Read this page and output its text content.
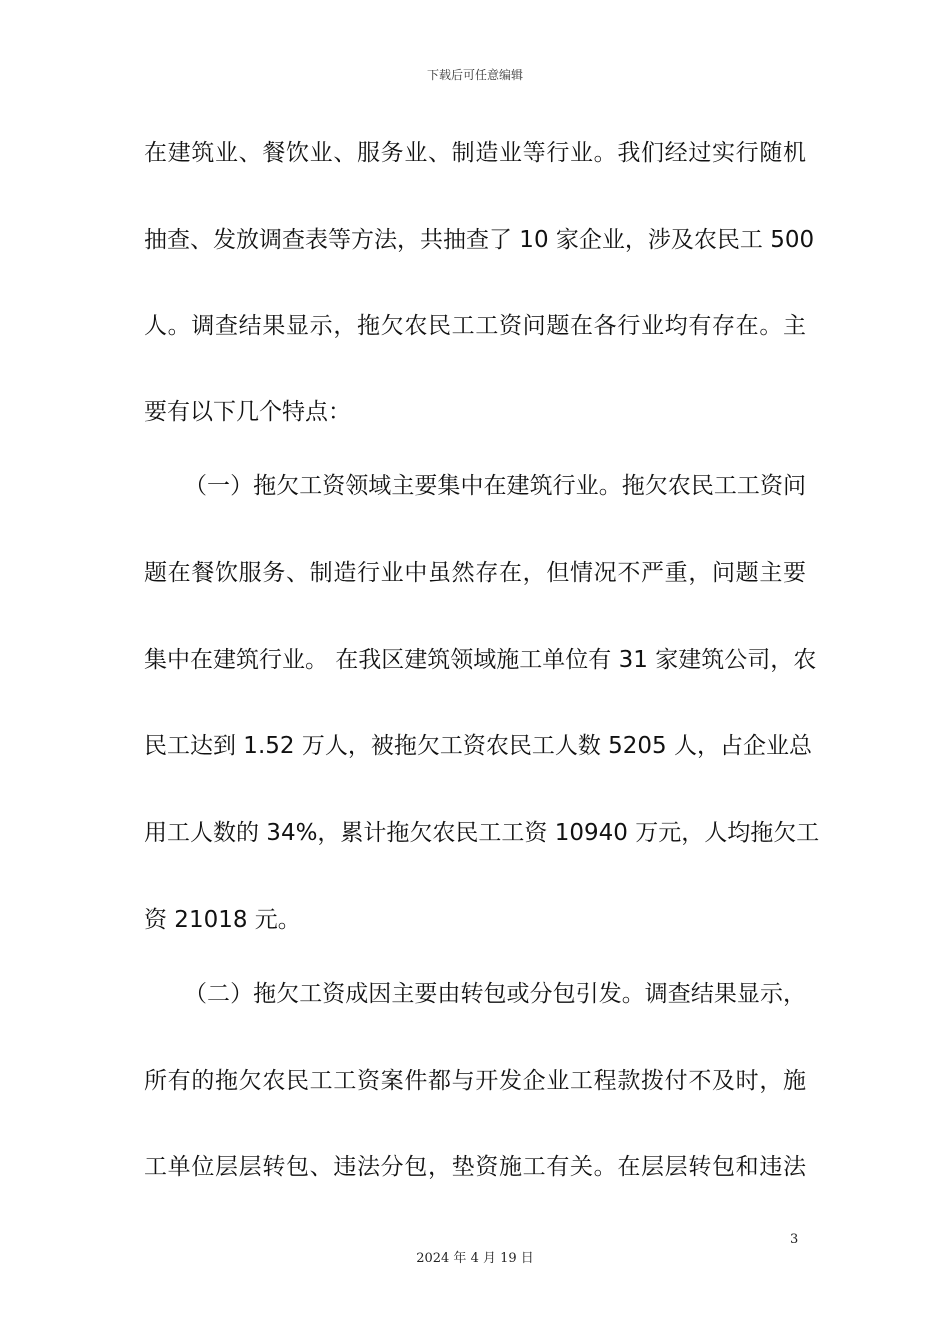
下载后可任意编辑
在建筑业、餐饮业、服务业、制造业等行业。我们经过实行随机
抽查、发放调查表等方法，共抽查了 10 家企业，涉及农民工 500
人。调查结果显示，拖欠农民工工资问题在各行业均有存在。主
要有以下几个特点：
（一）拖欠工资领域主要集中在建筑行业。拖欠农民工工资问
题在餐饮服务、制造行业中虽然存在，但情况不严重，问题主要
集中在建筑行业。 在我区建筑领域施工单位有 31 家建筑公司，农
民工达到 1.52 万人，被拖欠工资农民工人数 5205 人，占企业总
用工人数的 34%，累计拖欠农民工工资 10940 万元，人均拖欠工
资 21018 元。
（二）拖欠工资成因主要由转包或分包引发。调查结果显示，
所有的拖欠农民工工资案件都与开发企业工程款拨付不及时，施
工单位层层转包、违法分包，垫资施工有关。在层层转包和违法
3
2024 年 4 月 19 日
